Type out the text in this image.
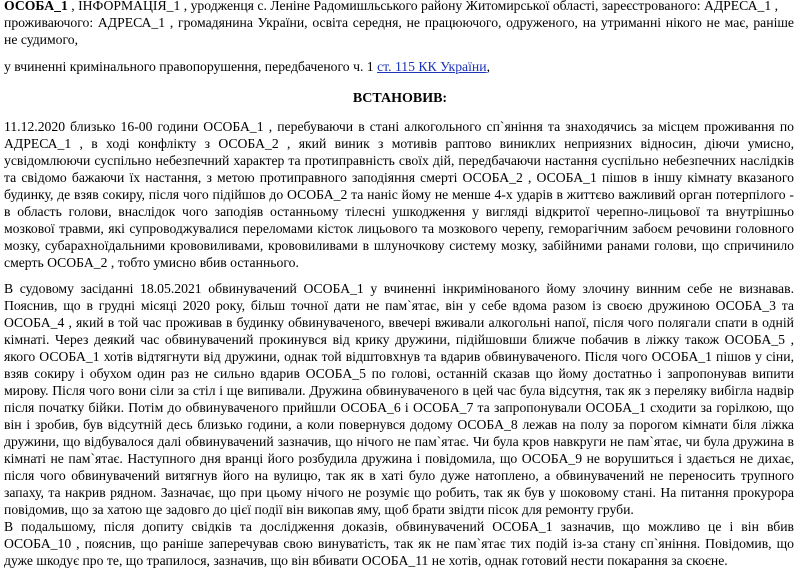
ОСОБА_1 , ІНФОРМАЦІЯ_1 , уродженця с. Леніне Радомишльського району Житомирської області, зареєстрованого: АДРЕСА_1 ,
проживаючого: АДРЕСА_1 , громадянина України, освіта середня, не працюючого, одруженого, на утриманні нікого не має, раніше
не судимого,
у вчиненні кримінального правопорушення, передбаченого ч. 1 ст. 115 КК України,
ВСТАНОВИВ:
11.12.2020 близько 16-00 години ОСОБА_1 , перебуваючи в стані алкогольного сп`яніння та знаходячись за місцем проживання по
АДРЕСА_1 , в ході конфлікту з ОСОБА_2 , який виник з мотивів раптово виниклих неприязних відносин, діючи умисно,
усвідомлюючи суспільно небезпечний характер та протиправність своїх дій, передбачаючи настання суспільно небезпечних наслідків
та свідомо бажаючи їх настання, з метою протиправного заподіяння смерті ОСОБА_2 , ОСОБА_1 пішов в іншу кімнату вказаного
будинку, де взяв сокиру, після чого підійшов до ОСОБА_2 та наніс йому не менше 4-х ударів в життєво важливий орган потерпілого -
в область голови, внаслідок чого заподіяв останньому тілесні ушкодження у вигляді відкритої черепно-лицьової та внутрішньо
мозкової травми, які супроводжувалися переломами кісток лицьового та мозкового черепу, геморагічним забоєм речовини головного
мозку, субарахноїдальними крововиливами, крововиливами в шлуночкову систему мозку, забійними ранами голови, що спричинило
смерть ОСОБА_2 , тобто умисно вбив останнього.
В судовому засіданні 18.05.2021 обвинувачений ОСОБА_1 у вчиненні інкримінованого йому злочину винним себе не визнавав.
Пояснив, що в грудні місяці 2020 року, більш точної дати не пам`ятає, він у себе вдома разом із своєю дружиною ОСОБА_3 та
ОСОБА_4 , який в той час проживав в будинку обвинуваченого, ввечері вживали алкогольні напої, після чого полягали спати в одній
кімнаті. Через деякий час обвинувачений прокинувся від крику дружини, підійшовши ближче побачив в ліжку також ОСОБА_5 ,
якого ОСОБА_1 хотів відтягнути від дружини, однак той відштовхнув та вдарив обвинуваченого. Після чого ОСОБА_1 пішов у сіни,
взяв сокиру і обухом один раз не сильно вдарив ОСОБА_5 по голові, останній сказав що йому достатньо і запропонував випити
мирову. Після чого вони сіли за стіл і ще випивали. Дружина обвинуваченого в цей час була відсутня, так як з переляку вибігла надвір
після початку бійки. Потім до обвинуваченого прийшли ОСОБА_6 і ОСОБА_7 та запропонували ОСОБА_1 сходити за горілкою, що
він і зробив, був відсутній десь близько години, а коли повернувся додому ОСОБА_8 лежав на полу за порогом кімнати біля ліжка
дружини, що відбувалося далі обвинувачений зазначив, що нічого не пам`ятає. Чи була кров навкруги не пам`ятає, чи була дружина в
кімнаті не пам`ятає. Наступного дня вранці його розбудила дружина і повідомила, що ОСОБА_9 не ворушиться і здається не дихає,
після чого обвинувачений витягнув його на вулицю, так як в хаті було дуже натоплено, а обвинувачений не переносить трупного
запаху, та накрив рядном. Зазначає, що при цьому нічого не розуміє що робить, так як був у шоковому стані. На питання прокурора
повідомив, що за хатою ще задовго до цієї події він викопав яму, щоб брати звідти пісок для ремонту груби.
В подальшому, після допиту свідків та дослідження доказів, обвинувачений ОСОБА_1 зазначив, що можливо це і він вбив
ОСОБА_10 , пояснив, що раніше заперечував свою винуватість, так як не пам`ятає тих подій із-за стану сп`яніння. Повідомив, що
дуже шкодує про те, що трапилося, зазначив, що він вбивати ОСОБА_11 не хотів, однак готовий нести покарання за скоєне.
